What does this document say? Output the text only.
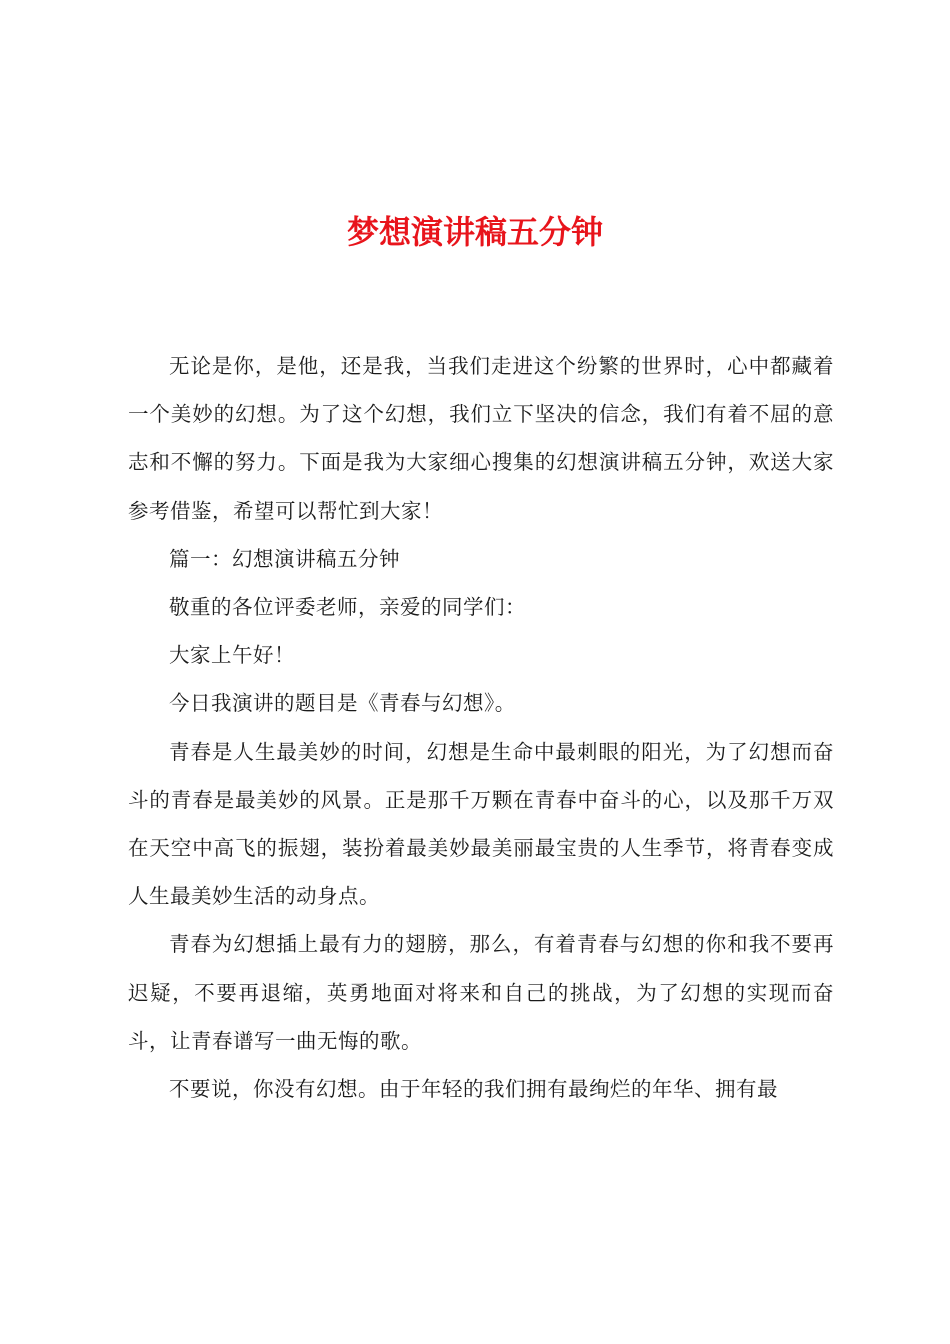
梦想演讲稿五分钟

无论是你，是他，还是我，当我们走进这个纷繁的世界时，心中都藏着一个美妙的幻想。为了这个幻想，我们立下坚决的信念，我们有着不屈的意志和不懈的努力。下面是我为大家细心搜集的幻想演讲稿五分钟，欢送大家参考借鉴，希望可以帮忙到大家！

篇一：幻想演讲稿五分钟

敬重的各位评委老师，亲爱的同学们：

大家上午好！

今日我演讲的题目是《青春与幻想》。

青春是人生最美妙的时间，幻想是生命中最刺眼的阳光，为了幻想而奋斗的青春是最美妙的风景。正是那千万颗在青春中奋斗的心，以及那千万双在天空中高飞的振翅，装扮着最美妙最美丽最宝贵的人生季节，将青春变成人生最美妙生活的动身点。

青春为幻想插上最有力的翅膀，那么，有着青春与幻想的你和我不要再迟疑，不要再退缩，英勇地面对将来和自己的挑战，为了幻想的实现而奋斗，让青春谱写一曲无悔的歌。

不要说，你没有幻想。由于年轻的我们拥有最绚烂的年华、拥有最
